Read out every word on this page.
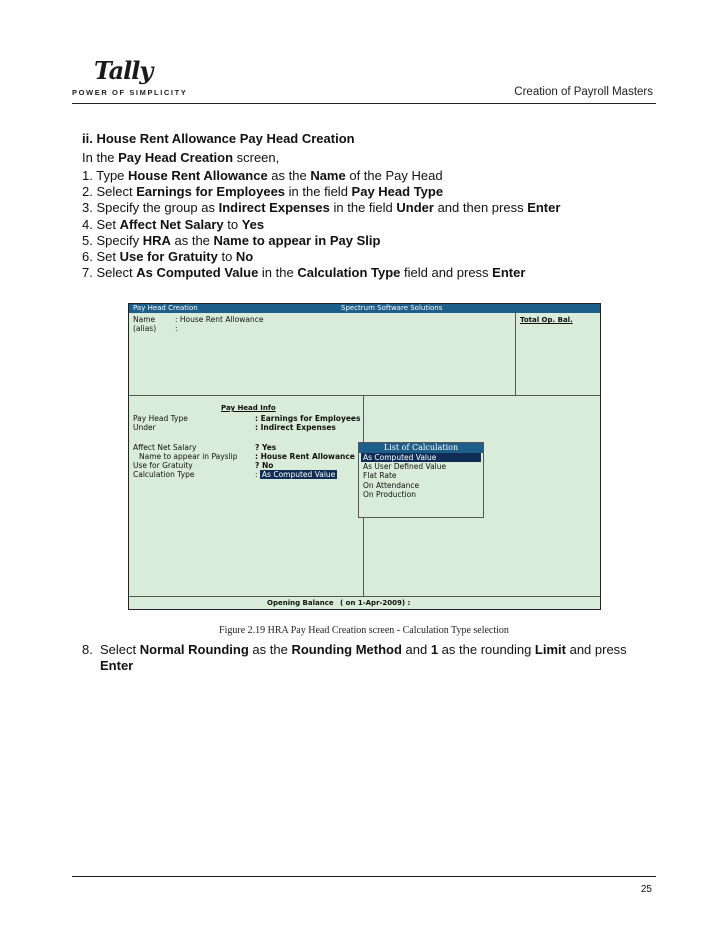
Tally
POWER OF SIMPLICITY	Creation of Payroll Masters
ii. House Rent Allowance Pay Head Creation
In the Pay Head Creation screen,
1. Type House Rent Allowance as the Name of the Pay Head
2. Select Earnings for Employees in the field Pay Head Type
3. Specify the group as Indirect Expenses in the field Under and then press Enter
4. Set Affect Net Salary to Yes
5. Specify HRA as the Name to appear in Pay Slip
6. Set Use for Gratuity to No
7. Select As Computed Value in the Calculation Type field and press Enter
Pay Head Creation	Spectrum Software Solutions
Name	: House Rent Allowance
(alias)	:
Total Op. Bal.
Pay Head Info
Pay Head Type	: Earnings for Employees
Under	: Indirect Expenses
Affect Net Salary	? Yes
Name to appear in Payslip : House Rent Allowance
Use for Gratuity	? No
Calculation Type	: As Computed Value
Opening Balance ( on 1-Apr-2009) :
List of Calculation
As Computed Value
As User Defined Value
Flat Rate
On Attendance
On Production
Figure 2.19 HRA Pay Head Creation screen - Calculation Type selection
8. Select Normal Rounding as the Rounding Method and 1 as the rounding Limit and press Enter
25
